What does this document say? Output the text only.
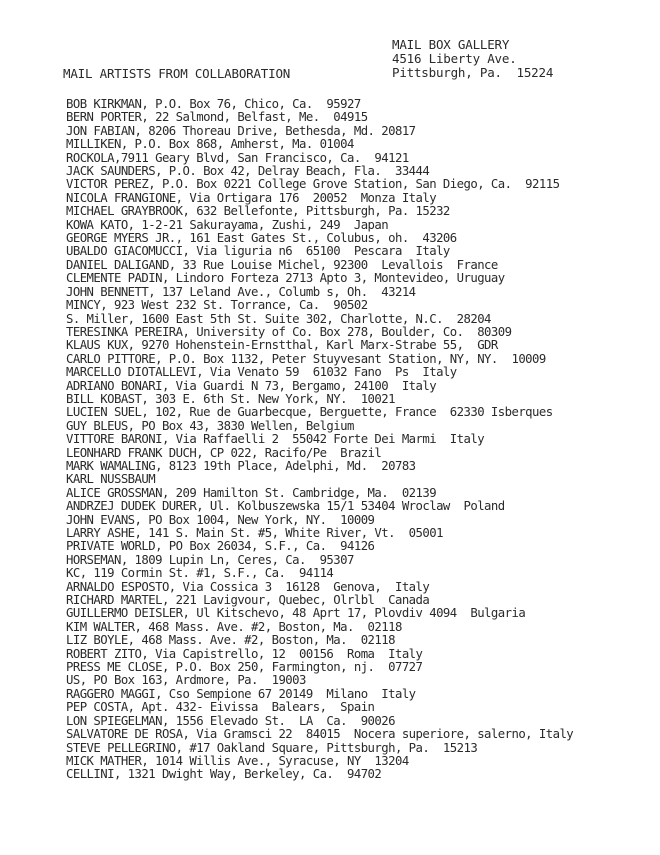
MAIL BOX GALLERY
4516 Liberty Ave.
Pittsburgh, Pa.  15224
MAIL ARTISTS FROM COLLABORATION
BOB KIRKMAN, P.O. Box 76, Chico, Ca.  95927
BERN PORTER, 22 Salmond, Belfast, Me.  04915
JON FABIAN, 8206 Thoreau Drive, Bethesda, Md. 20817
MILLIKEN, P.O. Box 868, Amherst, Ma. 01004
ROCKOLA,7911 Geary Blvd, San Francisco, Ca.  94121
JACK SAUNDERS, P.O. Box 42, Delray Beach, Fla.  33444
VICTOR PEREZ, P.O. Box 0221 College Grove Station, San Diego, Ca.  92115
NICOLA FRANGIONE, Via Ortigara 176  20052  Monza Italy
MICHAEL GRAYBROOK, 632 Bellefonte, Pittsburgh, Pa. 15232
KOWA KATO, 1-2-21 Sakurayama, Zushi, 249  Japan
GEORGE MYERS JR., 161 East Gates St., Colubus, oh.  43206
UBALDO GIACOMUCCI, Via liguria n6  65100  Pescara  Italy
DANIEL DALIGAND, 33 Rue Louise Michel, 92300  Levallois  France
CLEMENTE PADIN, Lindoro Forteza 2713 Apto 3, Montevideo, Uruguay
JOHN BENNETT, 137 Leland Ave., Columb s, Oh.  43214
MINCY, 923 West 232 St. Torrance, Ca.  90502
S. Miller, 1600 East 5th St. Suite 302, Charlotte, N.C.  28204
TERESINKA PEREIRA, University of Co. Box 278, Boulder, Co.  80309
KLAUS KUX, 9270 Hohenstein-Ernstthal, Karl Marx-Strabe 55,  GDR
CARLO PITTORE, P.O. Box 1132, Peter Stuyvesant Station, NY, NY.  10009
MARCELLO DIOTALLEVI, Via Venato 59  61032 Fano  Ps  Italy
ADRIANO BONARI, Via Guardi N 73, Bergamo, 24100  Italy
BILL KOBAST, 303 E. 6th St. New York, NY.  10021
LUCIEN SUEL, 102, Rue de Guarbecque, Berguette, France  62330 Isberques
GUY BLEUS, PO Box 43, 3830 Wellen, Belgium
VITTORE BARONI, Via Raffaelli 2  55042 Forte Dei Marmi  Italy
LEONHARD FRANK DUCH, CP 022, Racifo/Pe  Brazil
MARK WAMALING, 8123 19th Place, Adelphi, Md.  20783
KARL NUSSBAUM
ALICE GROSSMAN, 209 Hamilton St. Cambridge, Ma.  02139
ANDRZEJ DUDEK DURER, Ul. Kolbuszewska 15/1 53404 Wroclaw  Poland
JOHN EVANS, PO Box 1004, New York, NY.  10009
LARRY ASHE, 141 S. Main St. #5, White River, Vt.  05001
PRIVATE WORLD, PO Box 26034, S.F., Ca.  94126
HORSEMAN, 1809 Lupin Ln, Ceres, Ca.  95307
KC, 119 Cormin St. #1, S.F., Ca.  94114
ARNALDO ESPOSTO, Via Cossica 3  16128  Genova,  Italy
RICHARD MARTEL, 221 Lavigvour, Quebec, Olrlbl  Canada
GUILLERMO DEISLER, Ul Kitschevo, 48 Aprt 17, Plovdiv 4094  Bulgaria
KIM WALTER, 468 Mass. Ave. #2, Boston, Ma.  02118
LIZ BOYLE, 468 Mass. Ave. #2, Boston, Ma.  02118
ROBERT ZITO, Via Capistrello, 12  00156  Roma  Italy
PRESS ME CLOSE, P.O. Box 250, Farmington, nj.  07727
US, PO Box 163, Ardmore, Pa.  19003
RAGGERO MAGGI, Cso Sempione 67 20149  Milano  Italy
PEP COSTA, Apt. 432- Eivissa  Balears,  Spain
LON SPIEGELMAN, 1556 Elevado St.  LA  Ca.  90026
SALVATORE DE ROSA, Via Gramsci 22  84015  Nocera superiore, salerno, Italy
STEVE PELLEGRINO, #17 Oakland Square, Pittsburgh, Pa.  15213
MICK MATHER, 1014 Willis Ave., Syracuse, NY  13204
CELLINI, 1321 Dwight Way, Berkeley, Ca.  94702
